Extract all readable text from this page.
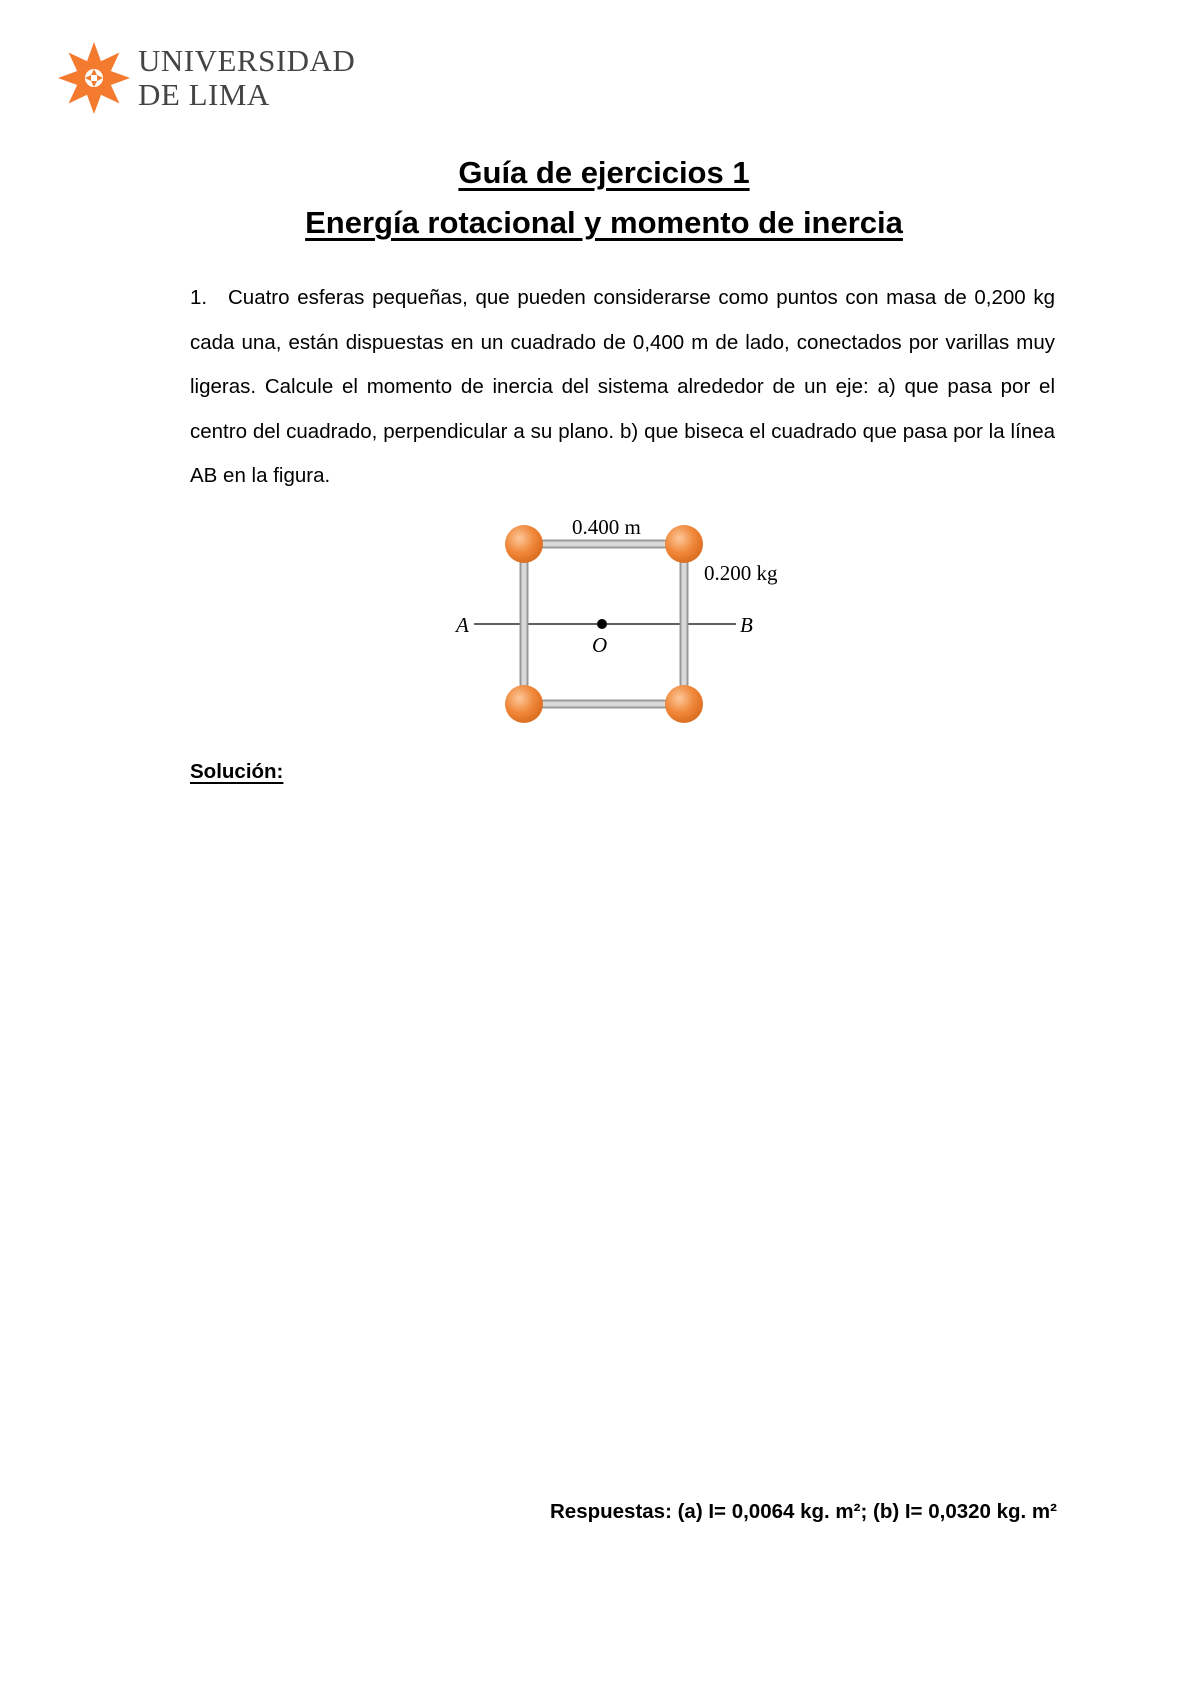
UNIVERSIDAD
DE LIMA
Guía de ejercicios 1
Energía rotacional y momento de inercia
1. Cuatro esferas pequeñas, que pueden considerarse como puntos con masa de 0,200 kg cada una, están dispuestas en un cuadrado de 0,400 m de lado, conectados por varillas muy ligeras. Calcule el momento de inercia del sistema alrededor de un eje: a) que pasa por el centro del cuadrado, perpendicular a su plano. b) que biseca el cuadrado que pasa por la línea AB en la figura.
0.400 m
0.200 kg
A	B
O
Solución:
Respuestas: (a) I= 0,0064 kg. m²; (b) I= 0,0320 kg. m²
